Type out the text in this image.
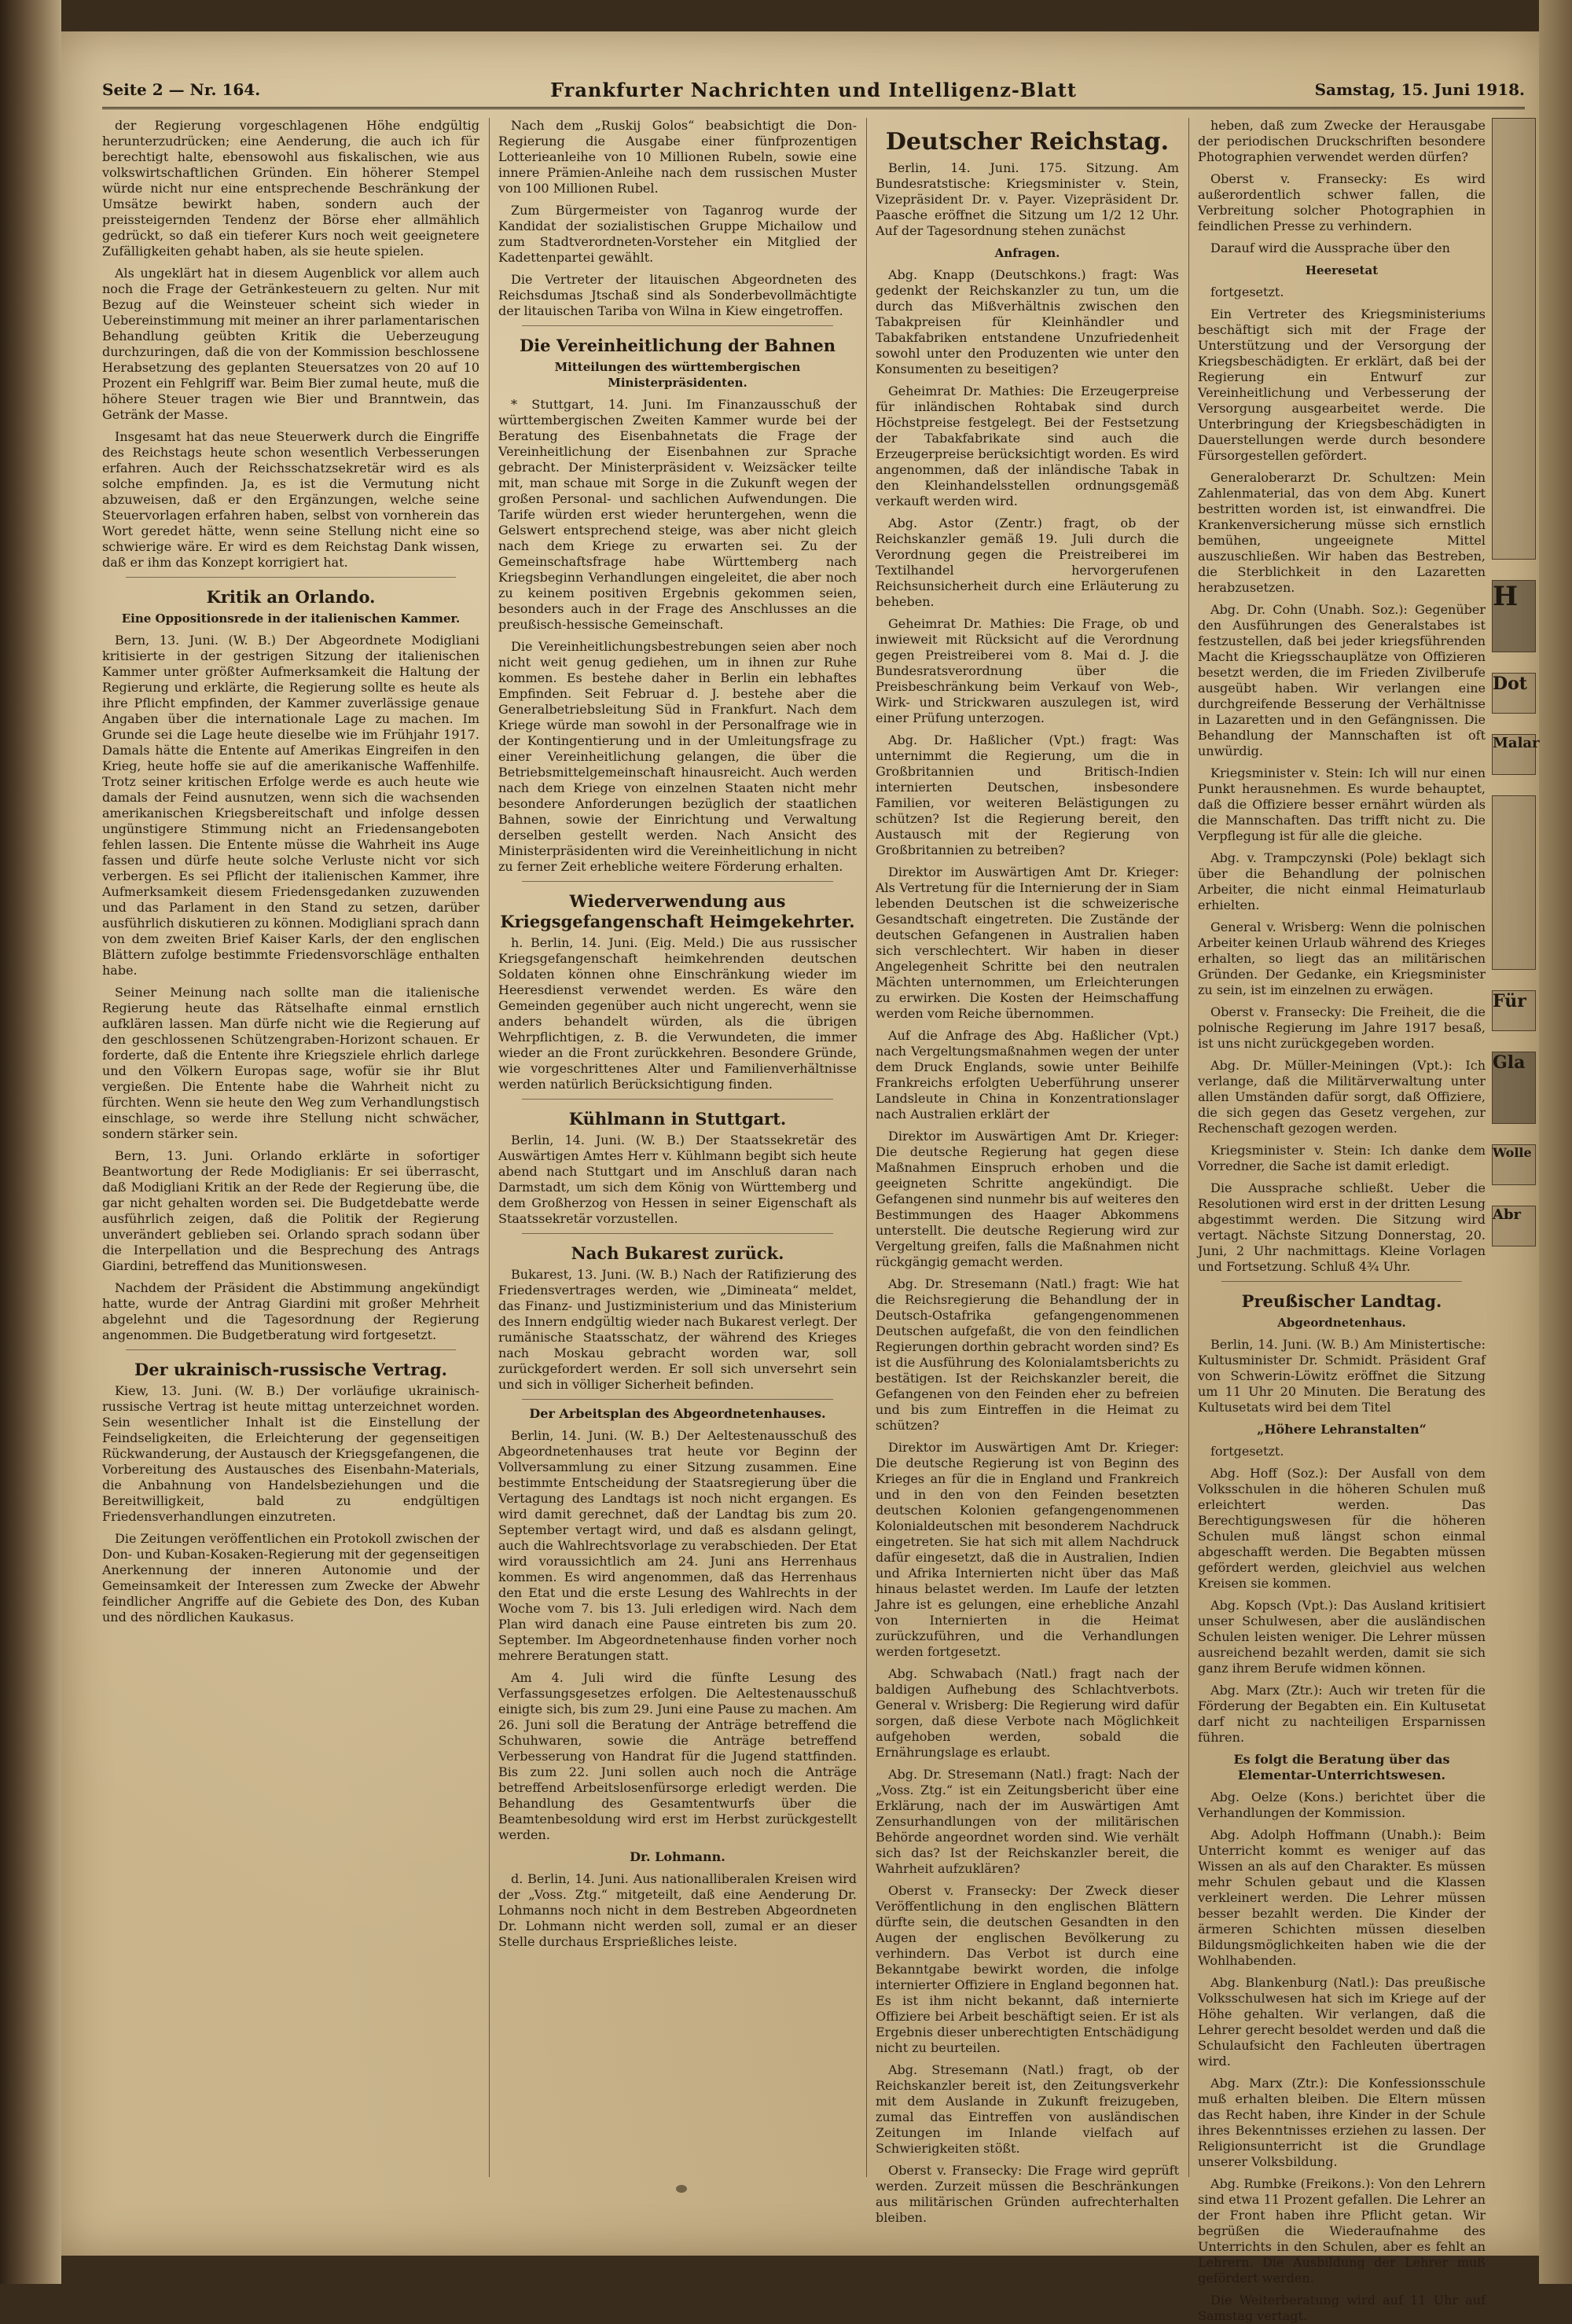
Seite 2 — Nr. 164.	Frankfurter Nachrichten und Intelligenz-Blatt	Samstag, 15. Juni 1918.

der Regierung vorgeschlagenen Höhe endgültig herunterzudrücken; eine Aenderung, die auch ich für berechtigt halte, ebensowohl aus fiskalischen, wie aus volkswirtschaftlichen Gründen. Ein höherer Stempel würde nicht nur eine entsprechende Beschränkung der Umsätze bewirkt haben, sondern auch der preissteigernden Tendenz der Börse eher allmählich gedrückt, so daß ein tieferer Kurs noch weit geeignetere Zufälligkeiten gehabt haben, als sie heute spielen.

Als ungeklärt hat in diesem Augenblick vor allem auch noch die Frage der Getränkesteuern zu gelten. Nur mit Bezug auf die Weinsteuer scheint sich wieder in Uebereinstimmung mit meiner an ihrer parlamentarischen Behandlung geübten Kritik die Ueberzeugung durchzuringen, daß die von der Kommission beschlossene Herabsetzung des geplanten Steuersatzes von 20 auf 10 Prozent ein Fehlgriff war. Beim Bier zumal heute, muß die höhere Steuer tragen wie Bier und Branntwein, das Getränk der Masse.

Insgesamt hat das neue Steuerwerk durch die Eingriffe des Reichstags heute schon wesentlich Verbesserungen erfahren. Auch der Reichsschatzsekretär wird es als solche empfinden. Ja, es ist die Vermutung nicht abzuweisen, daß er den Ergänzungen, welche seine Steuervorlagen erfahren haben, selbst von vornherein das Wort geredet hätte, wenn seine Stellung nicht eine so schwierige wäre. Er wird es dem Reichstag Dank wissen, daß er ihm das Konzept korrigiert hat.

Kritik an Orlando.
Eine Oppositionsrede in der italienischen Kammer.

Bern, 13. Juni. (W. B.) Der Abgeordnete Modigliani kritisierte in der gestrigen Sitzung der italienischen Kammer unter größter Aufmerksamkeit die Haltung der Regierung und erklärte, die Regierung sollte es heute als ihre Pflicht empfinden, der Kammer zuverlässige genaue Angaben über die internationale Lage zu machen. Im Grunde sei die Lage heute dieselbe wie im Frühjahr 1917. Damals hätte die Entente auf Amerikas Eingreifen in den Krieg, heute hoffe sie auf die amerikanische Waffenhilfe. Trotz seiner kritischen Erfolge werde es auch heute wie damals der Feind ausnutzen, wenn sich die wachsenden amerikanischen Kriegsbereitschaft und infolge dessen ungünstigere Stimmung nicht an Friedensangeboten fehlen lassen. Die Entente müsse die Wahrheit ins Auge fassen und dürfe heute solche Verluste nicht vor sich verbergen. Es sei Pflicht der italienischen Kammer, ihre Aufmerksamkeit diesem Friedensgedanken zuzuwenden und das Parlament in den Stand zu setzen, darüber ausführlich diskutieren zu können. Modigliani sprach dann von dem zweiten Brief Kaiser Karls, der den englischen Blättern zufolge bestimmte Friedensvorschläge enthalten habe.

Seiner Meinung nach sollte man die italienische Regierung heute das Rätselhafte einmal ernstlich aufklären lassen. Man dürfe nicht wie die Regierung auf den geschlossenen Schützengraben-Horizont schauen. Er forderte, daß die Entente ihre Kriegsziele ehrlich darlege und den Völkern Europas sage, wofür sie ihr Blut vergießen. Die Entente habe die Wahrheit nicht zu fürchten. Wenn sie heute den Weg zum Verhandlungstisch einschlage, so werde ihre Stellung nicht schwächer, sondern stärker sein.

Bern, 13. Juni. Orlando erklärte in sofortiger Beantwortung der Rede Modiglianis: Er sei überrascht, daß Modigliani Kritik an der Rede der Regierung übe, die gar nicht gehalten worden sei. Die Budgetdebatte werde ausführlich zeigen, daß die Politik der Regierung unverändert geblieben sei. Orlando sprach sodann über die Interpellation und die Besprechung des Antrags Giardini, betreffend das Munitionswesen.

Nachdem der Präsident die Abstimmung angekündigt hatte, wurde der Antrag Giardini mit großer Mehrheit abgelehnt und die Tagesordnung der Regierung angenommen. Die Budgetberatung wird fortgesetzt.

Der ukrainisch-russische Vertrag.

Kiew, 13. Juni. (W. B.) Der vorläufige ukrainisch-russische Vertrag ist heute mittag unterzeichnet worden. Sein wesentlicher Inhalt ist die Einstellung der Feindseligkeiten, die Erleichterung der gegenseitigen Rückwanderung, der Austausch der Kriegsgefangenen, die Vorbereitung des Austausches des Eisenbahn-Materials, die Anbahnung von Handelsbeziehungen und die Bereitwilligkeit, bald zu endgültigen Friedensverhandlungen einzutreten.

Die Zeitungen veröffentlichen ein Protokoll zwischen der Don- und Kuban-Kosaken-Regierung mit der gegenseitigen Anerkennung der inneren Autonomie und der Gemeinsamkeit der Interessen zum Zwecke der Abwehr feindlicher Angriffe auf die Gebiete des Don, des Kuban und des nördlichen Kaukasus.

Nach dem „Ruskij Golos“ beabsichtigt die Don-Regierung die Ausgabe einer fünfprozentigen Lotterieanleihe von 10 Millionen Rubeln, sowie eine innere Prämien-Anleihe nach dem russischen Muster von 100 Millionen Rubel.

Zum Bürgermeister von Taganrog wurde der Kandidat der sozialistischen Gruppe Michailow und zum Stadtverordneten-Vorsteher ein Mitglied der Kadettenpartei gewählt.

Die Vertreter der litauischen Abgeordneten des Reichsdumas Jtschaß sind als Sonderbevollmächtigte der litauischen Tariba von Wilna in Kiew eingetroffen.

Die Vereinheitlichung der Bahnen
Mitteilungen des württembergischen Ministerpräsidenten.

* Stuttgart, 14. Juni. Im Finanzausschuß der württembergischen Zweiten Kammer wurde bei der Beratung des Eisenbahnetats die Frage der Vereinheitlichung der Eisenbahnen zur Sprache gebracht. Der Ministerpräsident v. Weizsäcker teilte mit, man schaue mit Sorge in die Zukunft wegen der großen Personal- und sachlichen Aufwendungen. Die Tarife würden erst wieder heruntergehen, wenn die Gelswert entsprechend steige, was aber nicht gleich nach dem Kriege zu erwarten sei. Zu der Gemeinschaftsfrage habe Württemberg nach Kriegsbeginn Verhandlungen eingeleitet, die aber noch zu keinem positiven Ergebnis gekommen seien, besonders auch in der Frage des Anschlusses an die preußisch-hessische Gemeinschaft.

Die Vereinheitlichungsbestrebungen seien aber noch nicht weit genug gediehen, um in ihnen zur Ruhe kommen. Es bestehe daher in Berlin ein lebhaftes Empfinden. Seit Februar d. J. bestehe aber die Generalbetriebsleitung Süd in Frankfurt. Nach dem Kriege würde man sowohl in der Personalfrage wie in der Kontingentierung und in der Umleitungsfrage zu einer Vereinheitlichung gelangen, die über die Betriebsmittelgemeinschaft hinausreicht. Auch werden nach dem Kriege von einzelnen Staaten nicht mehr besondere Anforderungen bezüglich der staatlichen Bahnen, sowie der Einrichtung und Verwaltung derselben gestellt werden. Nach Ansicht des Ministerpräsidenten wird die Vereinheitlichung in nicht zu ferner Zeit erhebliche weitere Förderung erhalten.

Wiederverwendung aus Kriegsgefangenschaft Heimgekehrter.

h. Berlin, 14. Juni. (Eig. Meld.) Die aus russischer Kriegsgefangenschaft heimkehrenden deutschen Soldaten können ohne Einschränkung wieder im Heeresdienst verwendet werden. Es wäre den Gemeinden gegenüber auch nicht ungerecht, wenn sie anders behandelt würden, als die übrigen Wehrpflichtigen, z. B. die Verwundeten, die immer wieder an die Front zurückkehren. Besondere Gründe, wie vorgeschrittenes Alter und Familienverhältnisse werden natürlich Berücksichtigung finden.

Kühlmann in Stuttgart.

Berlin, 14. Juni. (W. B.) Der Staatssekretär des Auswärtigen Amtes Herr v. Kühlmann begibt sich heute abend nach Stuttgart und im Anschluß daran nach Darmstadt, um sich dem König von Württemberg und dem Großherzog von Hessen in seiner Eigenschaft als Staatssekretär vorzustellen.

Nach Bukarest zurück.

Bukarest, 13. Juni. (W. B.) Nach der Ratifizierung des Friedensvertrages werden, wie „Dimineata“ meldet, das Finanz- und Justizministerium und das Ministerium des Innern endgültig wieder nach Bukarest verlegt. Der rumänische Staatsschatz, der während des Krieges nach Moskau gebracht worden war, soll zurückgefordert werden. Er soll sich unversehrt sein und sich in völliger Sicherheit befinden.

Der Arbeitsplan des Abgeordnetenhauses.

Berlin, 14. Juni. (W. B.) Der Aeltestenausschuß des Abgeordnetenhauses trat heute vor Beginn der Vollversammlung zu einer Sitzung zusammen. Eine bestimmte Entscheidung der Staatsregierung über die Vertagung des Landtags ist noch nicht ergangen. Es wird damit gerechnet, daß der Landtag bis zum 20. September vertagt wird, und daß es alsdann gelingt, auch die Wahlrechtsvorlage zu verabschieden. Der Etat wird voraussichtlich am 24. Juni ans Herrenhaus kommen. Es wird angenommen, daß das Herrenhaus den Etat und die erste Lesung des Wahlrechts in der Woche vom 7. bis 13. Juli erledigen wird. Nach dem Plan wird danach eine Pause eintreten bis zum 20. September. Im Abgeordnetenhause finden vorher noch mehrere Beratungen statt.

Am 4. Juli wird die fünfte Lesung des Verfassungsgesetzes erfolgen. Die Aeltestenausschuß einigte sich, bis zum 29. Juni eine Pause zu machen. Am 26. Juni soll die Beratung der Anträge betreffend die Schuhwaren, sowie die Anträge betreffend Verbesserung von Handrat für die Jugend stattfinden. Bis zum 22. Juni sollen auch noch die Anträge betreffend Arbeitslosenfürsorge erledigt werden. Die Behandlung des Gesamtentwurfs über die Beamtenbesoldung wird erst im Herbst zurückgestellt werden.

Dr. Lohmann.

d. Berlin, 14. Juni. Aus nationalliberalen Kreisen wird der „Voss. Ztg.“ mitgeteilt, daß eine Aenderung Dr. Lohmanns noch nicht in dem Bestreben Abgeordneten Dr. Lohmann nicht werden soll, zumal er an dieser Stelle durchaus Ersprießliches leiste.

Deutscher Reichstag.

Berlin, 14. Juni. 175. Sitzung. Am Bundesratstische: Kriegsminister v. Stein, Vizepräsident Dr. v. Payer. Vizepräsident Dr. Paasche eröffnet die Sitzung um 1/2 12 Uhr. Auf der Tagesordnung stehen zunächst

Anfragen.

Abg. Knapp (Deutschkons.) fragt: Was gedenkt der Reichskanzler zu tun, um die durch das Mißverhältnis zwischen den Tabakpreisen für Kleinhändler und Tabakfabriken entstandene Unzufriedenheit sowohl unter den Produzenten wie unter den Konsumenten zu beseitigen?

Geheimrat Dr. Mathies: Die Erzeugerpreise für inländischen Rohtabak sind durch Höchstpreise festgelegt. Bei der Festsetzung der Tabakfabrikate sind auch die Erzeugerpreise berücksichtigt worden. Es wird angenommen, daß der inländische Tabak in den Kleinhandelsstellen ordnungsgemäß verkauft werden wird.

Abg. Astor (Zentr.) fragt, ob der Reichskanzler gemäß 19. Juli durch die Verordnung gegen die Preistreiberei im Textilhandel hervorgerufenen Reichsunsicherheit durch eine Erläuterung zu beheben.

Geheimrat Dr. Mathies: Die Frage, ob und inwieweit mit Rücksicht auf die Verordnung gegen Preistreiberei vom 8. Mai d. J. die Bundesratsverordnung über die Preisbeschränkung beim Verkauf von Web-, Wirk- und Strickwaren auszulegen ist, wird einer Prüfung unterzogen.

Abg. Dr. Haßlicher (Vpt.) fragt: Was unternimmt die Regierung, um die in Großbritannien und Britisch-Indien internierten Deutschen, insbesondere Familien, vor weiteren Belästigungen zu schützen? Ist die Regierung bereit, den Austausch mit der Regierung von Großbritannien zu betreiben?

Direktor im Auswärtigen Amt Dr. Krieger: Als Vertretung für die Internierung der in Siam lebenden Deutschen ist die schweizerische Gesandtschaft eingetreten. Die Zustände der deutschen Gefangenen in Australien haben sich verschlechtert. Wir haben in dieser Angelegenheit Schritte bei den neutralen Mächten unternommen, um Erleichterungen zu erwirken. Die Kosten der Heimschaffung werden vom Reiche übernommen.

Auf die Anfrage des Abg. Haßlicher (Vpt.) nach Vergeltungsmaßnahmen wegen der unter dem Druck Englands, sowie unter Beihilfe Frankreichs erfolgten Ueberführung unserer Landsleute in China in Konzentrationslager nach Australien erklärt der

Direktor im Auswärtigen Amt Dr. Krieger: Die deutsche Regierung hat gegen diese Maßnahmen Einspruch erhoben und die geeigneten Schritte angekündigt. Die Gefangenen sind nunmehr bis auf weiteres den Bestimmungen des Haager Abkommens unterstellt. Die deutsche Regierung wird zur Vergeltung greifen, falls die Maßnahmen nicht rückgängig gemacht werden.

Abg. Dr. Stresemann (Natl.) fragt: Wie hat die Reichsregierung die Behandlung der in Deutsch-Ostafrika gefangengenommenen Deutschen aufgefaßt, die von den feindlichen Regierungen dorthin gebracht worden sind? Es ist die Ausführung des Kolonialamtsberichts zu bestätigen. Ist der Reichskanzler bereit, die Gefangenen von den Feinden eher zu befreien und bis zum Eintreffen in die Heimat zu schützen?

Direktor im Auswärtigen Amt Dr. Krieger: Die deutsche Regierung ist von Beginn des Krieges an für die in England und Frankreich und in den von den Feinden besetzten deutschen Kolonien gefangengenommenen Kolonialdeutschen mit besonderem Nachdruck eingetreten. Sie hat sich mit allem Nachdruck dafür eingesetzt, daß die in Australien, Indien und Afrika Internierten nicht über das Maß hinaus belastet werden. Im Laufe der letzten Jahre ist es gelungen, eine erhebliche Anzahl von Internierten in die Heimat zurückzuführen, und die Verhandlungen werden fortgesetzt.

Abg. Schwabach (Natl.) fragt nach der baldigen Aufhebung des Schlachtverbots. General v. Wrisberg: Die Regierung wird dafür sorgen, daß diese Verbote nach Möglichkeit aufgehoben werden, sobald die Ernährungslage es erlaubt.

Abg. Dr. Stresemann (Natl.) fragt: Nach der „Voss. Ztg.“ ist ein Zeitungsbericht über eine Erklärung, nach der im Auswärtigen Amt Zensurhandlungen von der militärischen Behörde angeordnet worden sind. Wie verhält sich das? Ist der Reichskanzler bereit, die Wahrheit aufzuklären?

Oberst v. Fransecky: Der Zweck dieser Veröffentlichung in den englischen Blättern dürfte sein, die deutschen Gesandten in den Augen der englischen Bevölkerung zu verhindern. Das Verbot ist durch eine Bekanntgabe bewirkt worden, die infolge internierter Offiziere in England begonnen hat. Es ist ihm nicht bekannt, daß internierte Offiziere bei Arbeit beschäftigt seien. Er ist als Ergebnis dieser unberechtigten Entschädigung nicht zu beurteilen.

Abg. Stresemann (Natl.) fragt, ob der Reichskanzler bereit ist, den Zeitungsverkehr mit dem Auslande in Zukunft freizugeben, zumal das Eintreffen von ausländischen Zeitungen im Inlande vielfach auf Schwierigkeiten stößt.

Oberst v. Fransecky: Die Frage wird geprüft werden. Zurzeit müssen die Beschränkungen aus militärischen Gründen aufrechterhalten bleiben.

heben, daß zum Zwecke der Herausgabe der periodischen Druckschriften besondere Photographien verwendet werden dürfen?

Oberst v. Fransecky: Es wird außerordentlich schwer fallen, die Verbreitung solcher Photographien in feindlichen Presse zu verhindern.

Darauf wird die Aussprache über den

Heeresetat

fortgesetzt.

Ein Vertreter des Kriegsministeriums beschäftigt sich mit der Frage der Unterstützung und der Versorgung der Kriegsbeschädigten. Er erklärt, daß bei der Regierung ein Entwurf zur Vereinheitlichung und Verbesserung der Versorgung ausgearbeitet werde. Die Unterbringung der Kriegsbeschädigten in Dauerstellungen werde durch besondere Fürsorgestellen gefördert.

Generaloberarzt Dr. Schultzen: Mein Zahlenmaterial, das von dem Abg. Kunert bestritten worden ist, ist einwandfrei. Die Krankenversicherung müsse sich ernstlich bemühen, ungeeignete Mittel auszuschließen. Wir haben das Bestreben, die Sterblichkeit in den Lazaretten herabzusetzen.

Abg. Dr. Cohn (Unabh. Soz.): Gegenüber den Ausführungen des Generalstabes ist festzustellen, daß bei jeder kriegsführenden Macht die Kriegsschauplätze von Offizieren besetzt werden, die im Frieden Zivilberufe ausgeübt haben. Wir verlangen eine durchgreifende Besserung der Verhältnisse in Lazaretten und in den Gefängnissen. Die Behandlung der Mannschaften ist oft unwürdig.

Kriegsminister v. Stein: Ich will nur einen Punkt herausnehmen. Es wurde behauptet, daß die Offiziere besser ernährt würden als die Mannschaften. Das trifft nicht zu. Die Verpflegung ist für alle die gleiche.

Abg. v. Trampczynski (Pole) beklagt sich über die Behandlung der polnischen Arbeiter, die nicht einmal Heimaturlaub erhielten.

General v. Wrisberg: Wenn die polnischen Arbeiter keinen Urlaub während des Krieges erhalten, so liegt das an militärischen Gründen. Der Gedanke, ein Kriegsminister zu sein, ist im einzelnen zu erwägen.

Oberst v. Fransecky: Die Freiheit, die die polnische Regierung im Jahre 1917 besaß, ist uns nicht zurückgegeben worden.

Abg. Dr. Müller-Meiningen (Vpt.): Ich verlange, daß die Militärverwaltung unter allen Umständen dafür sorgt, daß Offiziere, die sich gegen das Gesetz vergehen, zur Rechenschaft gezogen werden.

Kriegsminister v. Stein: Ich danke dem Vorredner, die Sache ist damit erledigt.

Die Aussprache schließt. Ueber die Resolutionen wird erst in der dritten Lesung abgestimmt werden. Die Sitzung wird vertagt. Nächste Sitzung Donnerstag, 20. Juni, 2 Uhr nachmittags. Kleine Vorlagen und Fortsetzung. Schluß 4¾ Uhr.

Preußischer Landtag.
Abgeordnetenhaus.

Berlin, 14. Juni. (W. B.) Am Ministertische: Kultusminister Dr. Schmidt. Präsident Graf von Schwerin-Löwitz eröffnet die Sitzung um 11 Uhr 20 Minuten. Die Beratung des Kultusetats wird bei dem Titel

„Höhere Lehranstalten“

fortgesetzt.

Abg. Hoff (Soz.): Der Ausfall von dem Volksschulen in die höheren Schulen muß erleichtert werden. Das Berechtigungswesen für die höheren Schulen muß längst schon einmal abgeschafft werden. Die Begabten müssen gefördert werden, gleichviel aus welchen Kreisen sie kommen.

Abg. Kopsch (Vpt.): Das Ausland kritisiert unser Schulwesen, aber die ausländischen Schulen leisten weniger. Die Lehrer müssen ausreichend bezahlt werden, damit sie sich ganz ihrem Berufe widmen können.

Abg. Marx (Ztr.): Auch wir treten für die Förderung der Begabten ein. Ein Kultusetat darf nicht zu nachteiligen Ersparnissen führen.

Es folgt die Beratung über das Elementar-Unterrichtswesen.

Abg. Oelze (Kons.) berichtet über die Verhandlungen der Kommission.

Abg. Adolph Hoffmann (Unabh.): Beim Unterricht kommt es weniger auf das Wissen an als auf den Charakter. Es müssen mehr Schulen gebaut und die Klassen verkleinert werden. Die Lehrer müssen besser bezahlt werden. Die Kinder der ärmeren Schichten müssen dieselben Bildungsmöglichkeiten haben wie die der Wohlhabenden.

Abg. Blankenburg (Natl.): Das preußische Volksschulwesen hat sich im Kriege auf der Höhe gehalten. Wir verlangen, daß die Lehrer gerecht besoldet werden und daß die Schulaufsicht den Fachleuten übertragen wird.

Abg. Marx (Ztr.): Die Konfessionsschule muß erhalten bleiben. Die Eltern müssen das Recht haben, ihre Kinder in der Schule ihres Bekenntnisses erziehen zu lassen. Der Religionsunterricht ist die Grundlage unserer Volksbildung.

Abg. Rumbke (Freikons.): Von den Lehrern sind etwa 11 Prozent gefallen. Die Lehrer an der Front haben ihre Pflicht getan. Wir begrüßen die Wiederaufnahme des Unterrichts in den Schulen, aber es fehlt an Lehrern. Die Ausbildung der Lehrer muß gefördert werden.

Die Weiterberatung wird auf 11 Uhr auf Samstag vertagt.

H
Dot
Malar
Für
Gla
Wolle
Abr
